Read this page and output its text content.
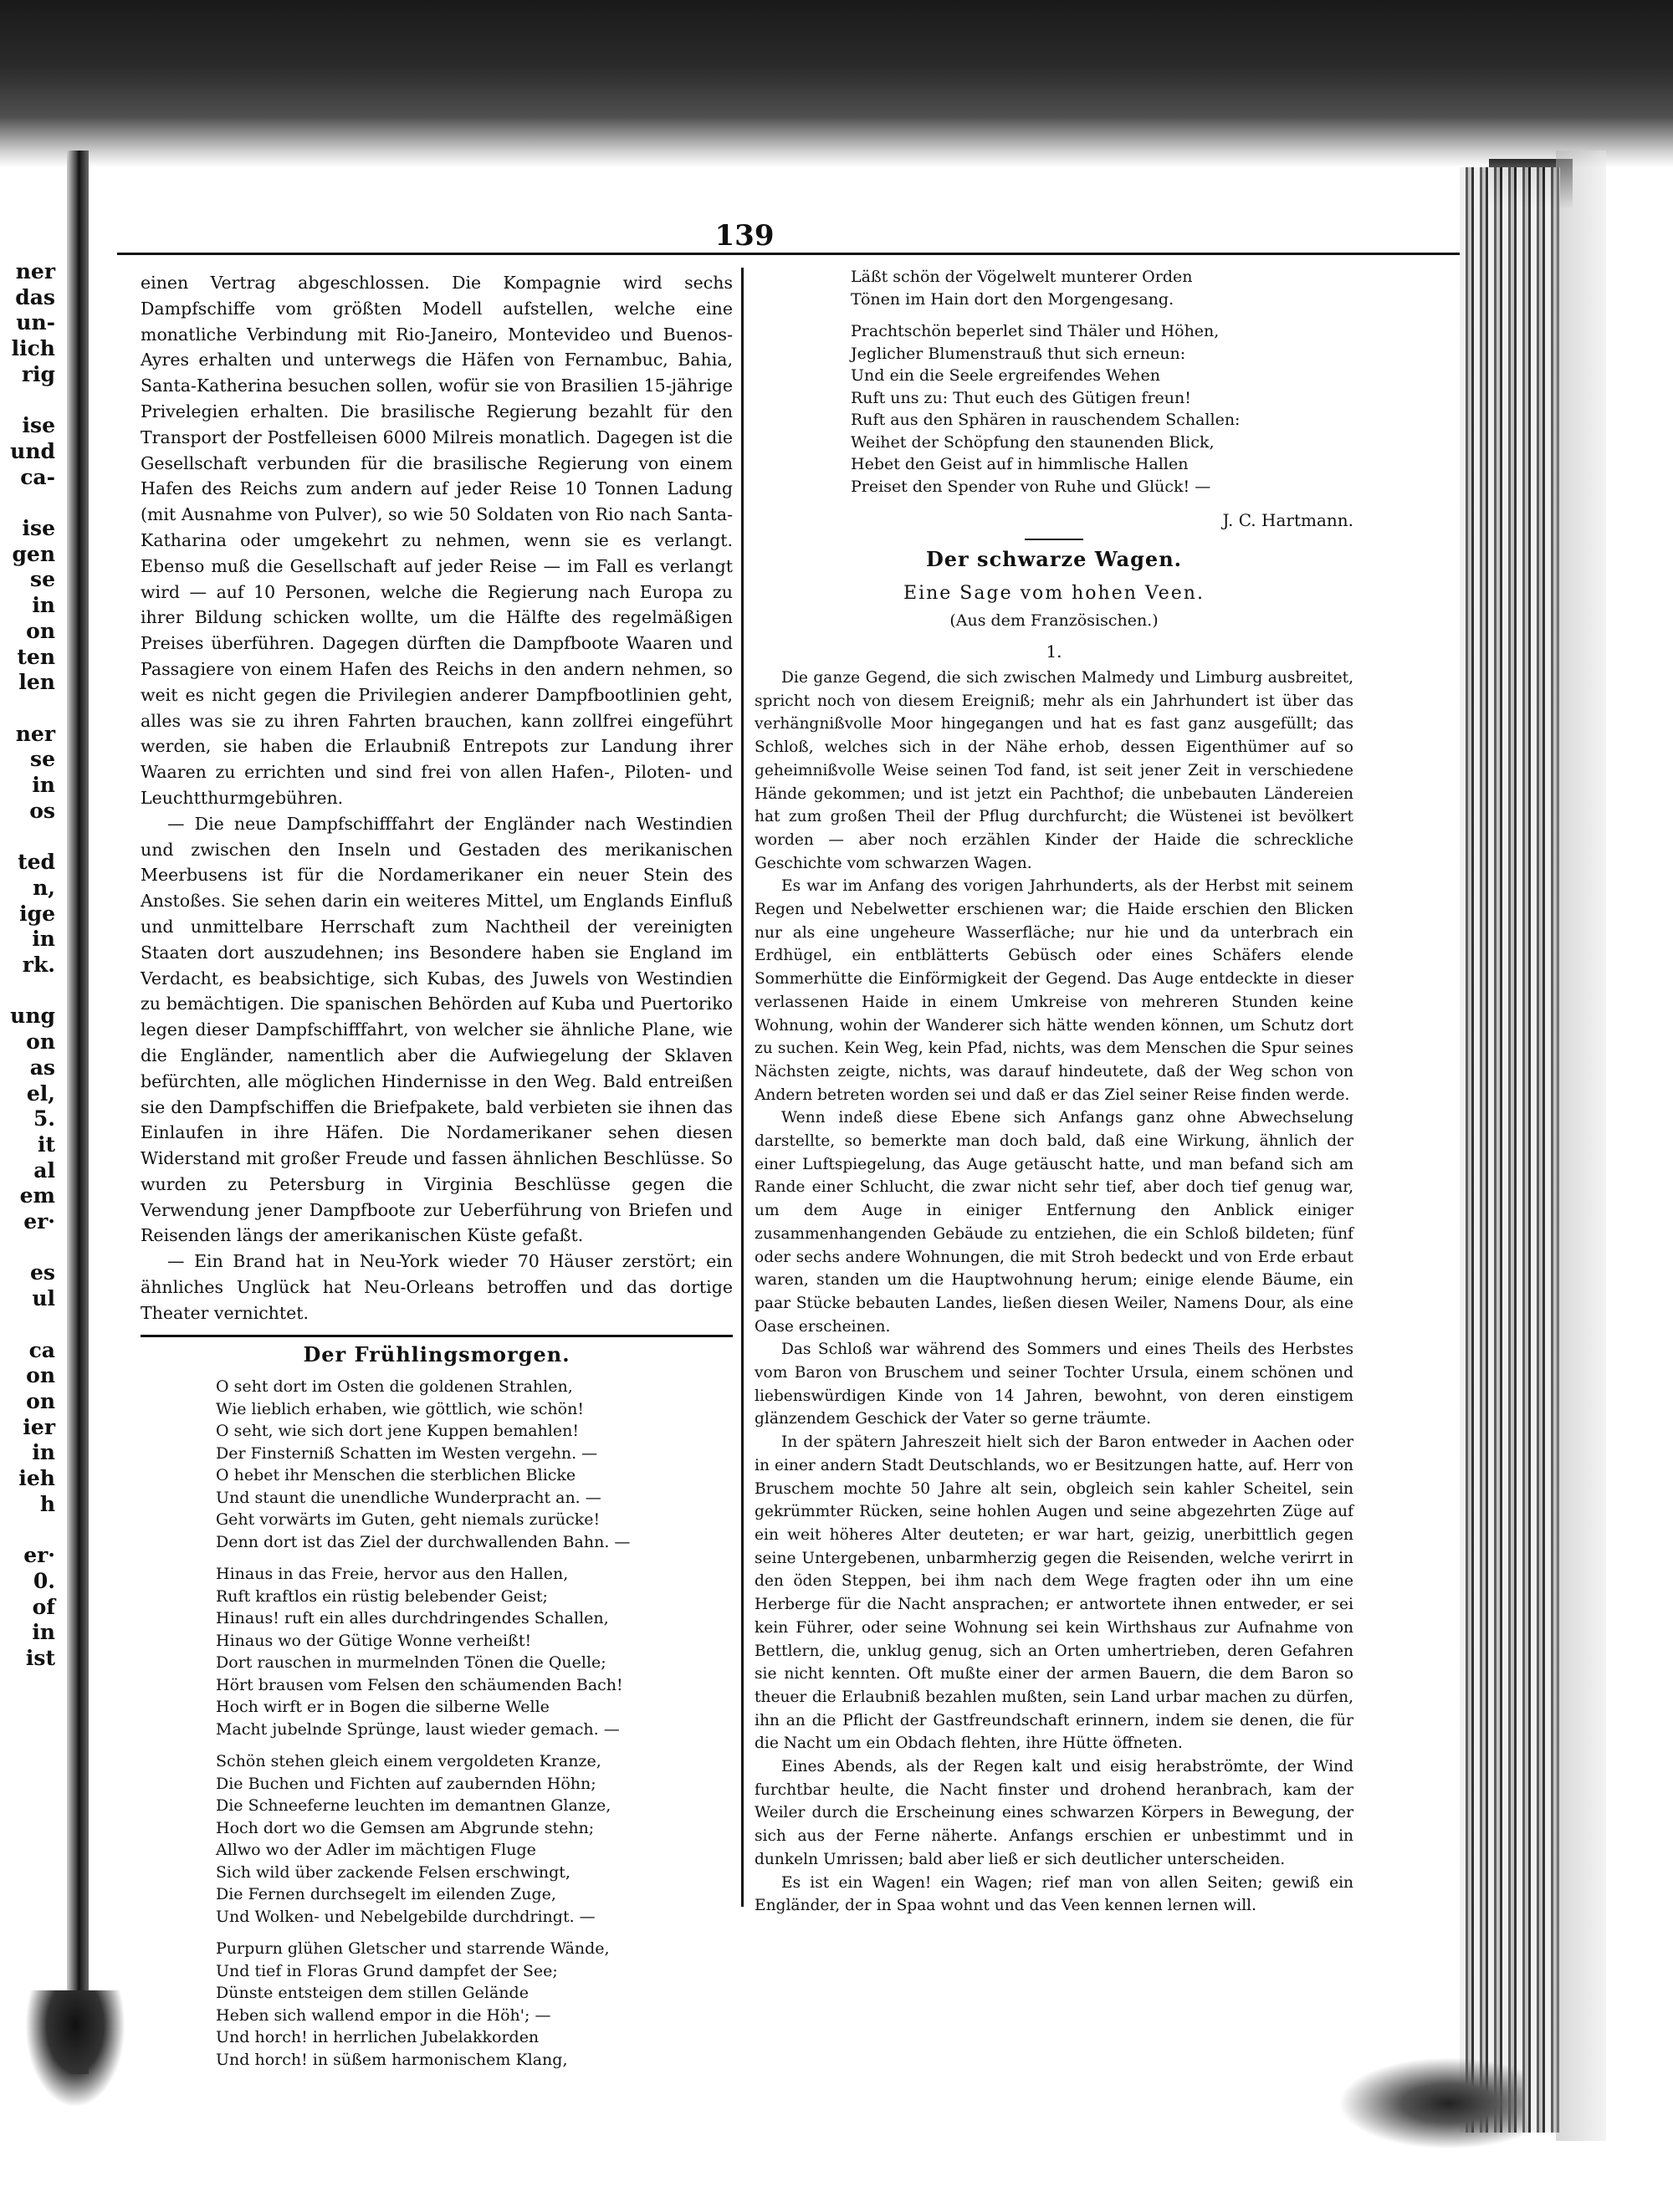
ner
das
un-
lich
rig

ise
und
ca-

ise
gen
se
in
on
ten
len

ner
se
in
os

ted
n,
ige
in
rk.

ung
on
as
el,
5.
it
al
em
er·

es
ul

ca
on
on
ier
in
ieh
h

er·
0.
of
in
ist
139

einen Vertrag abgeschlossen. Die Kompagnie wird sechs Dampfschiffe vom größten Modell aufstellen, welche eine monatliche Verbindung mit Rio-Janeiro, Montevideo und Buenos-Ayres erhalten und unterwegs die Häfen von Fernambuc, Bahia, Santa-Katherina besuchen sollen, wofür sie von Brasilien 15-jährige Privelegien erhalten. Die brasilische Regierung bezahlt für den Transport der Postfelleisen 6000 Milreis monatlich. Dagegen ist die Gesellschaft verbunden für die brasilische Regierung von einem Hafen des Reichs zum andern auf jeder Reise 10 Tonnen Ladung (mit Ausnahme von Pulver), so wie 50 Soldaten von Rio nach Santa-Katharina oder umgekehrt zu nehmen, wenn sie es verlangt. Ebenso muß die Gesellschaft auf jeder Reise — im Fall es verlangt wird — auf 10 Personen, welche die Regierung nach Europa zu ihrer Bildung schicken wollte, um die Hälfte des regelmäßigen Preises überführen. Dagegen dürften die Dampfboote Waaren und Passagiere von einem Hafen des Reichs in den andern nehmen, so weit es nicht gegen die Privilegien anderer Dampfbootlinien geht, alles was sie zu ihren Fahrten brauchen, kann zollfrei eingeführt werden, sie haben die Erlaubniß Entrepots zur Landung ihrer Waaren zu errichten und sind frei von allen Hafen-, Piloten- und Leuchtthurmgebühren.

— Die neue Dampfschifffahrt der Engländer nach Westindien und zwischen den Inseln und Gestaden des merikanischen Meerbusens ist für die Nordamerikaner ein neuer Stein des Anstoßes. Sie sehen darin ein weiteres Mittel, um Englands Einfluß und unmittelbare Herrschaft zum Nachtheil der vereinigten Staaten dort auszudehnen; ins Besondere haben sie England im Verdacht, es beabsichtige, sich Kubas, des Juwels von Westindien zu bemächtigen. Die spanischen Behörden auf Kuba und Puertoriko legen dieser Dampfschifffahrt, von welcher sie ähnliche Plane, wie die Engländer, namentlich aber die Aufwiegelung der Sklaven befürchten, alle möglichen Hindernisse in den Weg. Bald entreißen sie den Dampfschiffen die Briefpakete, bald verbieten sie ihnen das Einlaufen in ihre Häfen. Die Nordamerikaner sehen diesen Widerstand mit großer Freude und fassen ähnlichen Beschlüsse. So wurden zu Petersburg in Virginia Beschlüsse gegen die Verwendung jener Dampfboote zur Ueberführung von Briefen und Reisenden längs der amerikanischen Küste gefaßt.

— Ein Brand hat in Neu-York wieder 70 Häuser zerstört; ein ähnliches Unglück hat Neu-Orleans betroffen und das dortige Theater vernichtet.

Der Frühlingsmorgen.
O seht dort im Osten die goldenen Strahlen,
Wie lieblich erhaben, wie göttlich, wie schön!
O seht, wie sich dort jene Kuppen bemahlen!
Der Finsterniß Schatten im Westen vergehn. —
O hebet ihr Menschen die sterblichen Blicke
Und staunt die unendliche Wunderpracht an. —
Geht vorwärts im Guten, geht niemals zurücke!
Denn dort ist das Ziel der durchwallenden Bahn. —
Hinaus in das Freie, hervor aus den Hallen,
Ruft kraftlos ein rüstig belebender Geist;
Hinaus! ruft ein alles durchdringendes Schallen,
Hinaus wo der Gütige Wonne verheißt!
Dort rauschen in murmelnden Tönen die Quelle;
Hört brausen vom Felsen den schäumenden Bach!
Hoch wirft er in Bogen die silberne Welle
Macht jubelnde Sprünge, laust wieder gemach. —
Schön stehen gleich einem vergoldeten Kranze,
Die Buchen und Fichten auf zaubernden Höhn;
Die Schneeferne leuchten im demantnen Glanze,
Hoch dort wo die Gemsen am Abgrunde stehn;
Allwo wo der Adler im mächtigen Fluge
Sich wild über zackende Felsen erschwingt,
Die Fernen durchsegelt im eilenden Zuge,
Und Wolken- und Nebelgebilde durchdringt. —
Purpurn glühen Gletscher und starrende Wände,
Und tief in Floras Grund dampfet der See;
Dünste entsteigen dem stillen Gelände
Heben sich wallend empor in die Höh'; —
Und horch! in herrlichen Jubelakkorden
Und horch! in süßem harmonischem Klang,
Läßt schön der Vögelwelt munterer Orden
Tönen im Hain dort den Morgengesang.
Prachtschön beperlet sind Thäler und Höhen,
Jeglicher Blumenstrauß thut sich erneun:
Und ein die Seele ergreifendes Wehen
Ruft uns zu: Thut euch des Gütigen freun!
Ruft aus den Sphären in rauschendem Schallen:
Weihet der Schöpfung den staunenden Blick,
Hebet den Geist auf in himmlische Hallen
Preiset den Spender von Ruhe und Glück! —
J. C. Hartmann.
Der schwarze Wagen.
Eine Sage vom hohen Veen.
(Aus dem Französischen.)
1.

Die ganze Gegend, die sich zwischen Malmedy und Limburg ausbreitet, spricht noch von diesem Ereigniß; mehr als ein Jahrhundert ist über das verhängnißvolle Moor hingegangen und hat es fast ganz ausgefüllt; das Schloß, welches sich in der Nähe erhob, dessen Eigenthümer auf so geheimnißvolle Weise seinen Tod fand, ist seit jener Zeit in verschiedene Hände gekommen; und ist jetzt ein Pachthof; die unbebauten Ländereien hat zum großen Theil der Pflug durchfurcht; die Wüstenei ist bevölkert worden — aber noch erzählen Kinder der Haide die schreckliche Geschichte vom schwarzen Wagen.

Es war im Anfang des vorigen Jahrhunderts, als der Herbst mit seinem Regen und Nebelwetter erschienen war; die Haide erschien den Blicken nur als eine ungeheure Wasserfläche; nur hie und da unterbrach ein Erdhügel, ein entblätterts Gebüsch oder eines Schäfers elende Sommerhütte die Einförmigkeit der Gegend. Das Auge entdeckte in dieser verlassenen Haide in einem Umkreise von mehreren Stunden keine Wohnung, wohin der Wanderer sich hätte wenden können, um Schutz dort zu suchen. Kein Weg, kein Pfad, nichts, was dem Menschen die Spur seines Nächsten zeigte, nichts, was darauf hindeutete, daß der Weg schon von Andern betreten worden sei und daß er das Ziel seiner Reise finden werde.

Wenn indeß diese Ebene sich Anfangs ganz ohne Abwechselung darstellte, so bemerkte man doch bald, daß eine Wirkung, ähnlich der einer Luftspiegelung, das Auge getäuscht hatte, und man befand sich am Rande einer Schlucht, die zwar nicht sehr tief, aber doch tief genug war, um dem Auge in einiger Entfernung den Anblick einiger zusammenhangenden Gebäude zu entziehen, die ein Schloß bildeten; fünf oder sechs andere Wohnungen, die mit Stroh bedeckt und von Erde erbaut waren, standen um die Hauptwohnung herum; einige elende Bäume, ein paar Stücke bebauten Landes, ließen diesen Weiler, Namens Dour, als eine Oase erscheinen.

Das Schloß war während des Sommers und eines Theils des Herbstes vom Baron von Bruschem und seiner Tochter Ursula, einem schönen und liebenswürdigen Kinde von 14 Jahren, bewohnt, von deren einstigem glänzendem Geschick der Vater so gerne träumte.

In der spätern Jahreszeit hielt sich der Baron entweder in Aachen oder in einer andern Stadt Deutschlands, wo er Besitzungen hatte, auf. Herr von Bruschem mochte 50 Jahre alt sein, obgleich sein kahler Scheitel, sein gekrümmter Rücken, seine hohlen Augen und seine abgezehrten Züge auf ein weit höheres Alter deuteten; er war hart, geizig, unerbittlich gegen seine Untergebenen, unbarmherzig gegen die Reisenden, welche verirrt in den öden Steppen, bei ihm nach dem Wege fragten oder ihn um eine Herberge für die Nacht ansprachen; er antwortete ihnen entweder, er sei kein Führer, oder seine Wohnung sei kein Wirthshaus zur Aufnahme von Bettlern, die, unklug genug, sich an Orten umhertrieben, deren Gefahren sie nicht kennten. Oft mußte einer der armen Bauern, die dem Baron so theuer die Erlaubniß bezahlen mußten, sein Land urbar machen zu dürfen, ihn an die Pflicht der Gastfreundschaft erinnern, indem sie denen, die für die Nacht um ein Obdach flehten, ihre Hütte öffneten.

Eines Abends, als der Regen kalt und eisig herabströmte, der Wind furchtbar heulte, die Nacht finster und drohend heranbrach, kam der Weiler durch die Erscheinung eines schwarzen Körpers in Bewegung, der sich aus der Ferne näherte. Anfangs erschien er unbestimmt und in dunkeln Umrissen; bald aber ließ er sich deutlicher unterscheiden.

Es ist ein Wagen! ein Wagen; rief man von allen Seiten; gewiß ein Engländer, der in Spaa wohnt und das Veen kennen lernen will.
